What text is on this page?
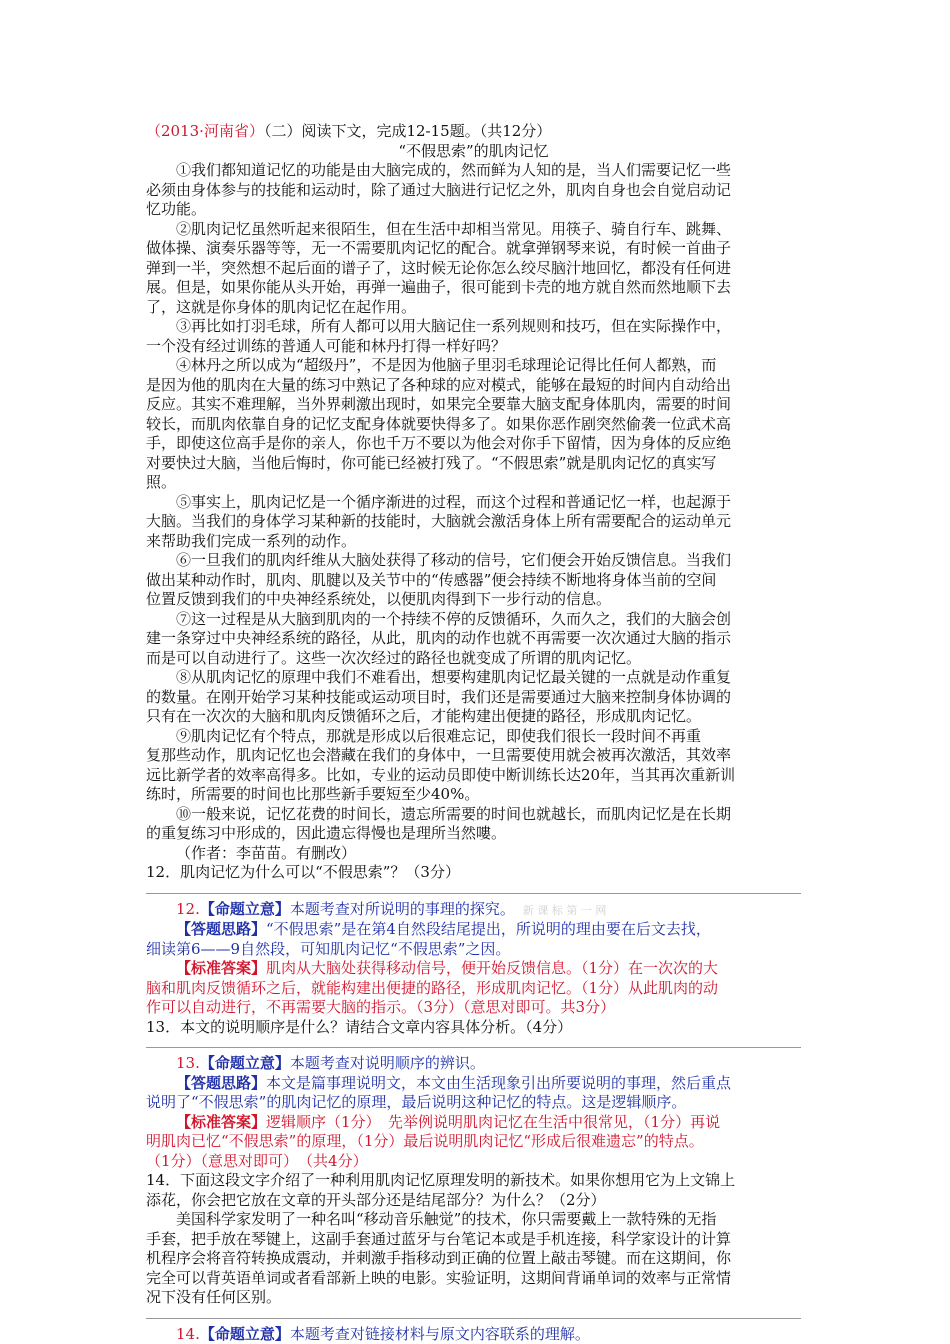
（2013·河南省）（二）阅读下文，完成12-15题。（共12分）
“不假思索”的肌肉记忆
①我们都知道记忆的功能是由大脑完成的，然而鲜为人知的是，当人们需要记忆一些
必须由身体参与的技能和运动时，除了通过大脑进行记忆之外，肌肉自身也会自觉启动记
忆功能。
②肌肉记忆虽然听起来很陌生，但在生活中却相当常见。用筷子、骑自行车、跳舞、
做体操、演奏乐器等等，无一不需要肌肉记忆的配合。就拿弹钢琴来说，有时候一首曲子
弹到一半，突然想不起后面的谱子了，这时候无论你怎么绞尽脑汁地回忆，都没有任何进
展。但是，如果你能从头开始，再弹一遍曲子，很可能到卡壳的地方就自然而然地顺下去
了，这就是你身体的肌肉记忆在起作用。
③再比如打羽毛球，所有人都可以用大脑记住一系列规则和技巧，但在实际操作中，
一个没有经过训练的普通人可能和林丹打得一样好吗？
④林丹之所以成为“超级丹”，不是因为他脑子里羽毛球理论记得比任何人都熟，而
是因为他的肌肉在大量的练习中熟记了各种球的应对模式，能够在最短的时间内自动给出
反应。其实不难理解，当外界刺激出现时，如果完全要靠大脑支配身体肌肉，需要的时间
较长，而肌肉依靠自身的记忆支配身体就要快得多了。如果你恶作剧突然偷袭一位武术高
手，即使这位高手是你的亲人，你也千万不要以为他会对你手下留情，因为身体的反应绝
对要快过大脑，当他后悔时，你可能已经被打残了。“不假思索”就是肌肉记忆的真实写
照。
⑤事实上，肌肉记忆是一个循序渐进的过程，而这个过程和普通记忆一样，也起源于
大脑。当我们的身体学习某种新的技能时，大脑就会激活身体上所有需要配合的运动单元
来帮助我们完成一系列的动作。
⑥一旦我们的肌肉纤维从大脑处获得了移动的信号，它们便会开始反馈信息。当我们
做出某种动作时，肌肉、肌腱以及关节中的“传感器”便会持续不断地将身体当前的空间
位置反馈到我们的中央神经系统处，以便肌肉得到下一步行动的信息。
⑦这一过程是从大脑到肌肉的一个持续不停的反馈循环，久而久之，我们的大脑会创
建一条穿过中央神经系统的路径，从此，肌肉的动作也就不再需要一次次通过大脑的指示
而是可以自动进行了。这些一次次经过的路径也就变成了所谓的肌肉记忆。
⑧从肌肉记忆的原理中我们不难看出，想要构建肌肉记忆最关键的一点就是动作重复
的数量。在刚开始学习某种技能或运动项目时，我们还是需要通过大脑来控制身体协调的
只有在一次次的大脑和肌肉反馈循环之后，才能构建出便捷的路径，形成肌肉记忆。
⑨肌肉记忆有个特点，那就是形成以后很难忘记，即使我们很长一段时间不再重
复那些动作，肌肉记忆也会潜藏在我们的身体中，一旦需要使用就会被再次激活，其效率
远比新学者的效率高得多。比如，专业的运动员即使中断训练长达20年，当其再次重新训
练时，所需要的时间也比那些新手要短至少40%。
⑩一般来说，记忆花费的时间长，遗忘所需要的时间也就越长，而肌肉记忆是在长期
的重复练习中形成的，因此遗忘得慢也是理所当然嘍。
（作者：李苗苗。有删改）
12．肌肉记忆为什么可以“不假思索”？（3分）
12.【命题立意】本题考查对所说明的事理的探究。 新 课 标 第 一 网
【答题思路】“不假思索”是在第4自然段结尾提出，所说明的理由要在后文去找，
细读第6——9自然段，可知肌肉记忆“不假思索”之因。
【标准答案】肌肉从大脑处获得移动信号，便开始反馈信息。（1分）在一次次的大
脑和肌肉反馈循环之后，就能构建出便捷的路径，形成肌肉记忆。（1分）从此肌肉的动
作可以自动进行，不再需要大脑的指示。（3分）（意思对即可。共3分）
13．本文的说明顺序是什么？请结合文章内容具体分析。（4分）
13.【命题立意】本题考查对说明顺序的辨识。
【答题思路】本文是篇事理说明文，本文由生活现象引出所要说明的事理，然后重点
说明了“不假思索”的肌肉记忆的原理，最后说明这种记忆的特点。这是逻辑顺序。
【标准答案】逻辑顺序（1分）　先举例说明肌肉记忆在生活中很常见，（1分）再说
明肌肉已忆“不假思索”的原理，（1分）最后说明肌肉记忆“形成后很难遗忘”的特点。
（1分）（意思对即可）　（共4分）
14．下面这段文字介绍了一种利用肌肉记忆原理发明的新技术。如果你想用它为上文锦上
添花，你会把它放在文章的开头部分还是结尾部分？为什么？（2分）
美国科学家发明了一种名叫“移动音乐触觉”的技术，你只需要戴上一款特殊的无指
手套，把手放在琴键上，这副手套通过蓝牙与台笔记本或是手机连接，科学家设计的计算
机程序会将音符转换成震动，并刺激手指移动到正确的位置上敲击琴键。而在这期间，你
完全可以背英语单词或者看部新上映的电影。实验证明，这期间背诵单词的效率与正常情
况下没有任何区别。
14.【命题立意】本题考查对链接材料与原文内容联系的理解。
